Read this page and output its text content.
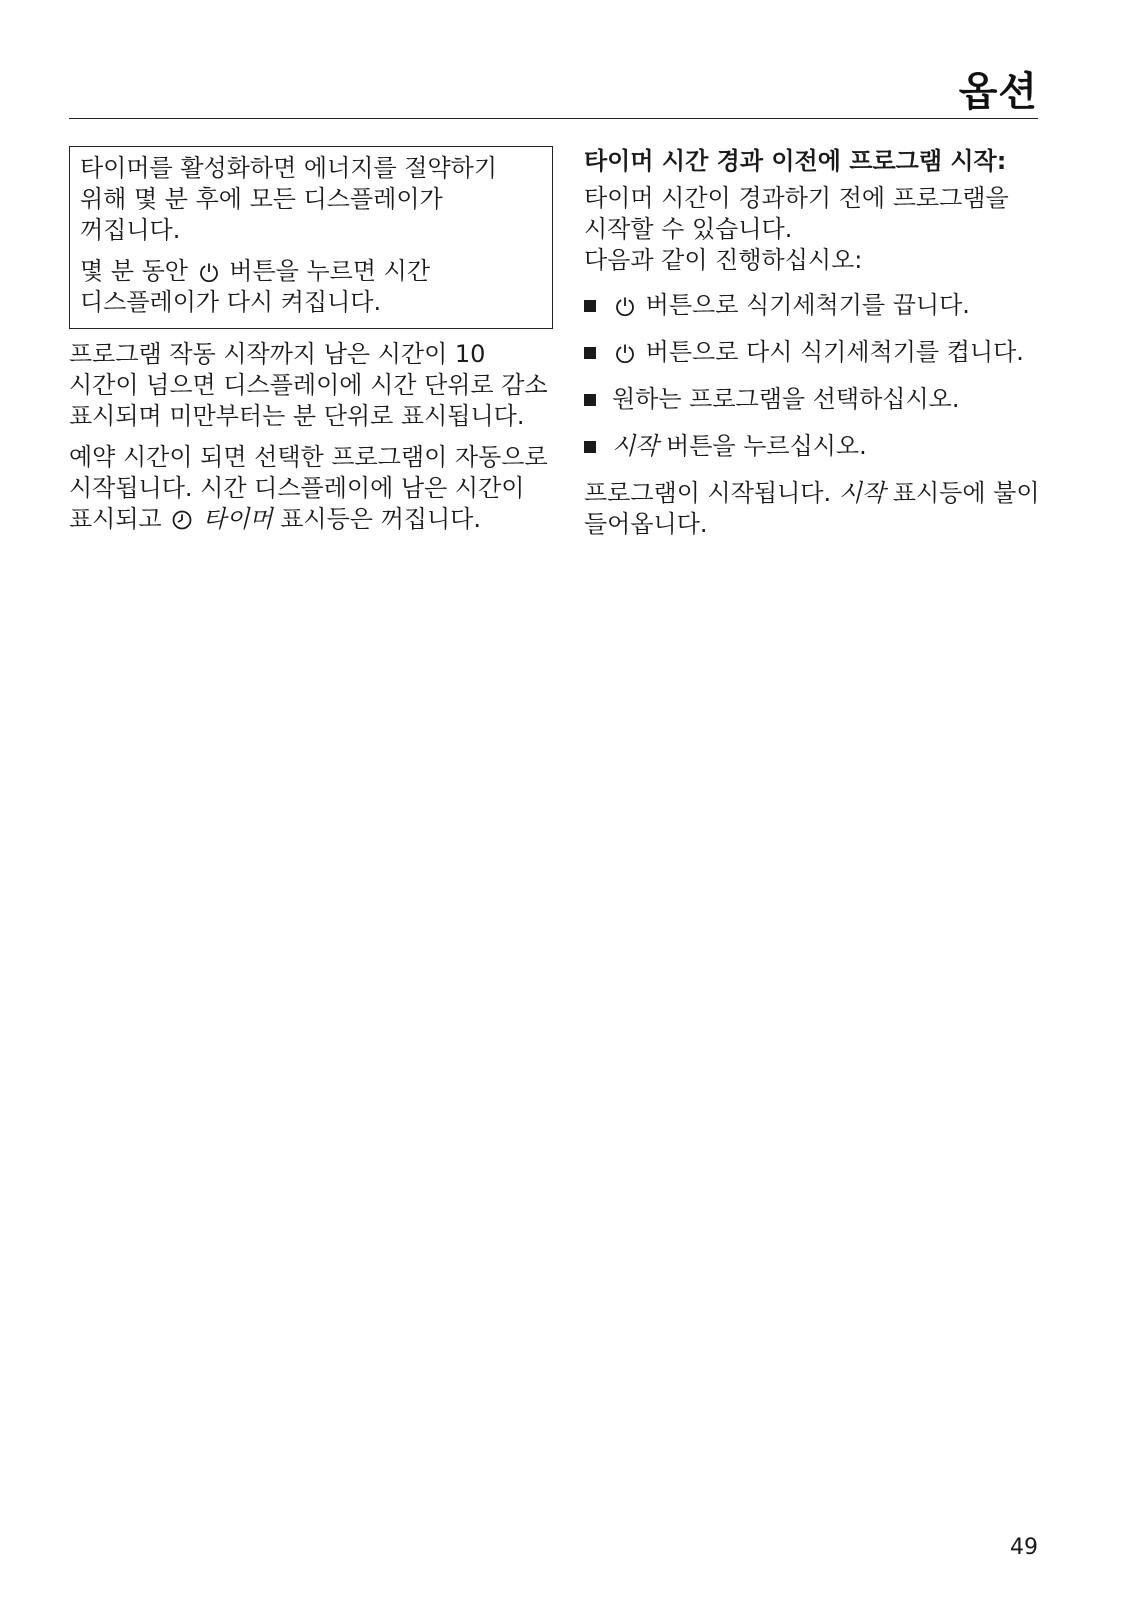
옵션

타이머를 활성화하면 에너지를 절약하기 위해 몇 분 후에 모든 디스플레이가 꺼집니다.

몇 분 동안 버튼을 누르면 시간 디스플레이가 다시 켜집니다.

프로그램 작동 시작까지 남은 시간이 10 시간이 넘으면 디스플레이에 시간 단위로 감소 표시되며 미만부터는 분 단위로 표시됩니다.

예약 시간이 되면 선택한 프로그램이 자동으로 시작됩니다. 시간 디스플레이에 남은 시간이 표시되고 타이머 표시등은 꺼집니다.

타이머 시간 경과 이전에 프로그램 시작:

타이머 시간이 경과하기 전에 프로그램을 시작할 수 있습니다.
다음과 같이 진행하십시오:

버튼으로 식기세척기를 끕니다.
버튼으로 다시 식기세척기를 켭니다.
원하는 프로그램을 선택하십시오.
시작 버튼을 누르십시오.

프로그램이 시작됩니다. 시작 표시등에 불이 들어옵니다.

49
